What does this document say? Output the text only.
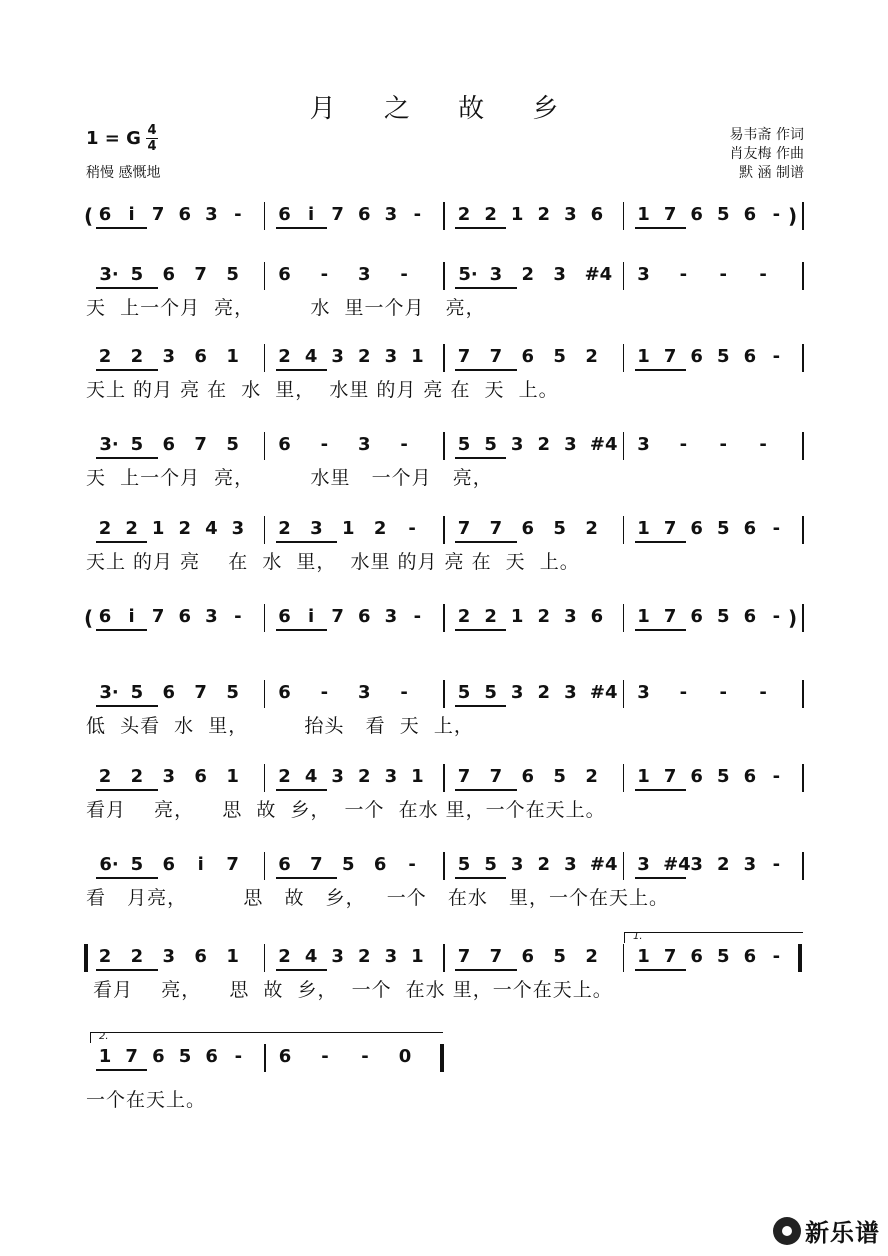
月 之 故 乡
1 = G 4
4
稍慢 感慨地
易韦斋 作词
肖友梅 作曲
默 涵 制谱
( 6 i 7 6 3 - 6 i 7 6 3 - 2 2 1 2 3 6 1 7 6 5 6 - )
3· 5 6 7 5 6 - 3 -	5· 3 2 3 #4 3 - - -
天  上一个月  亮，        水  里一个月   亮，
2 2 3 6 1 2 4 3 2 3 1 7 7 6 5 2 1 7 6 5 6 -
天上 的月 亮 在  水  里，  水里 的月 亮 在  天  上。
3· 5 6 7 5 6 - 3 -	5 5 3 2 3 #4 3 - - -
天  上一个月  亮，        水里   一个月   亮，
2 2 1 2 4 3 2 3 1 2 - 7 7 6 5 2 1 7 6 5 6 -
天上 的月 亮    在  水  里，  水里 的月 亮 在  天  上。
( 6 i 7 6 3 - 6 i 7 6 3 - 2 2 1 2 3 6 1 7 6 5 6 - )
3· 5 6 7 5 6 - 3 -	5 5 3 2 3 #4 3 - - -
低  头看  水  里，        抬头   看  天  上，
2 2 3 6 1 2 4 3 2 3 1 7 7 6 5 2 1 7 6 5 6 -
看月    亮，    思  故  乡，  一个  在水 里，一个在天上。
6· 5 6 i 7 6 7 5 6 - 5 5 3 2 3 #4 3 #4 3 2 3 -
看   月亮，        思   故   乡，   一个   在水   里，一个在天上。
2 2 3 6 1 2 4 3 2 3 1 7 7 6 5 2 1 7 6 5 6 -
看月    亮，    思  故  乡，  一个  在水 里，一个在天上。
1 7 6 5 6 - 6 - - 0
一个在天上。
1.
2.
新乐谱
